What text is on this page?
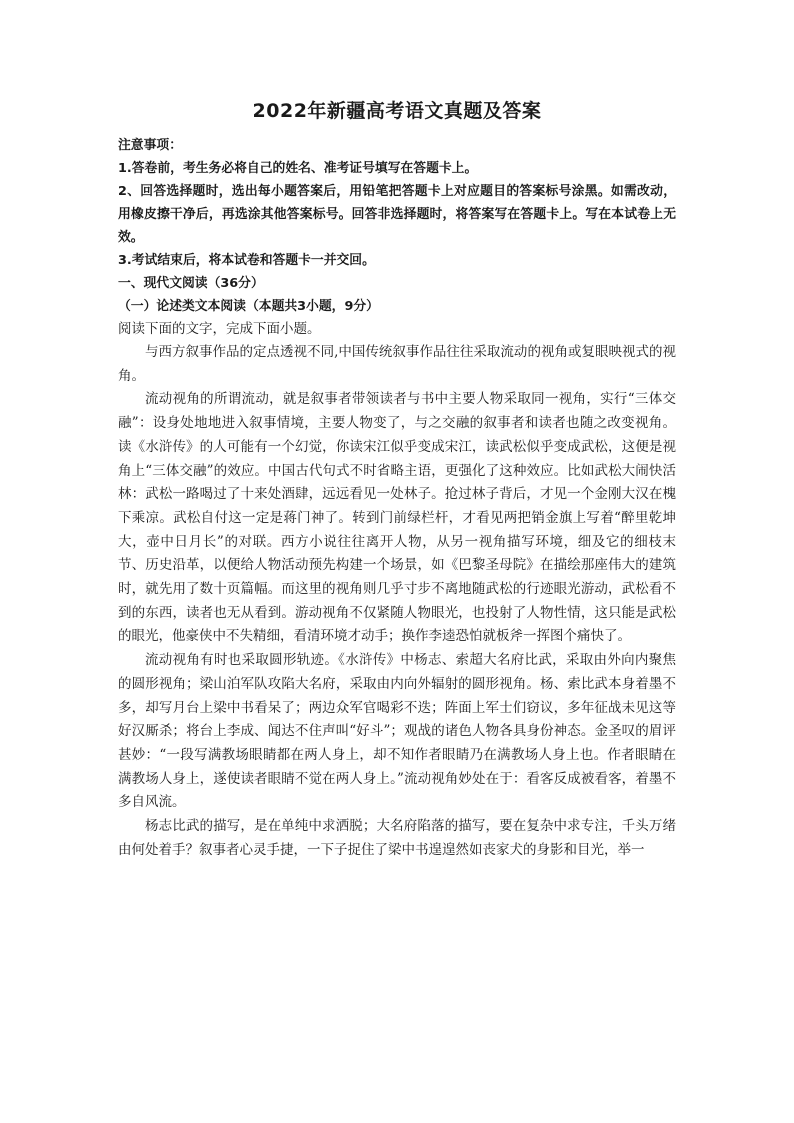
2022年新疆高考语文真题及答案

注意事项：

1.答卷前，考生务必将自己的姓名、准考证号填写在答题卡上。

2、回答选择题时，选出每小题答案后，用铅笔把答题卡上对应题目的答案标号涂黑。如需改动，用橡皮擦干净后，再选涂其他答案标号。回答非选择题时，将答案写在答题卡上。写在本试卷上无效。

3.考试结束后，将本试卷和答题卡一并交回。

一、现代文阅读（36分）

（一）论述类文本阅读（本题共3小题，9分）

阅读下面的文字，完成下面小题。

与西方叙事作品的定点透视不同,中国传统叙事作品往往采取流动的视角或复眼映视式的视角。

流动视角的所谓流动，就是叙事者带领读者与书中主要人物采取同一视角，实行“三体交融”：设身处地地进入叙事情境，主要人物变了，与之交融的叙事者和读者也随之改变视角。读《水浒传》的人可能有一个幻觉，你读宋江似乎变成宋江，读武松似乎变成武松，这便是视角上“三体交融”的效应。中国古代句式不时省略主语，更强化了这种效应。比如武松大闹快活林：武松一路喝过了十来处酒肆，远远看见一处林子。抢过林子背后，才见一个金刚大汉在槐下乘凉。武松自付这一定是蒋门神了。转到门前绿栏杆，才看见两把销金旗上写着“醉里乾坤大，壶中日月长”的对联。西方小说往往离开人物，从另一视角描写环境，细及它的细枝末节、历史沿革，以便给人物活动预先构建一个场景，如《巴黎圣母院》在描绘那座伟大的建筑时，就先用了数十页篇幅。而这里的视角则几乎寸步不离地随武松的行迹眼光游动，武松看不到的东西，读者也无从看到。游动视角不仅紧随人物眼光，也投射了人物性情，这只能是武松的眼光，他豪侠中不失精细，看清环境才动手；换作李逵恐怕就板斧一挥图个痛快了。

流动视角有时也采取圆形轨迹。《水浒传》中杨志、索超大名府比武，采取由外向内聚焦的圆形视角；梁山泊军队攻陷大名府，采取由内向外辐射的圆形视角。杨、索比武本身着墨不多，却写月台上梁中书看呆了；两边众军官喝彩不迭；阵面上军士们窃议，多年征战未见这等好汉厮杀；将台上李成、闻达不住声叫“好斗”；观战的诸色人物各具身份神态。金圣叹的眉评甚妙：“一段写满教场眼睛都在两人身上，却不知作者眼睛乃在满教场人身上也。作者眼睛在满教场人身上，遂使读者眼睛不觉在两人身上。”流动视角妙处在于：看客反成被看客，着墨不多自风流。

杨志比武的描写，是在单纯中求洒脱；大名府陷落的描写，要在复杂中求专注，千头万绪由何处着手？叙事者心灵手捷，一下子捉住了梁中书遑遑然如丧家犬的身影和目光，举一
